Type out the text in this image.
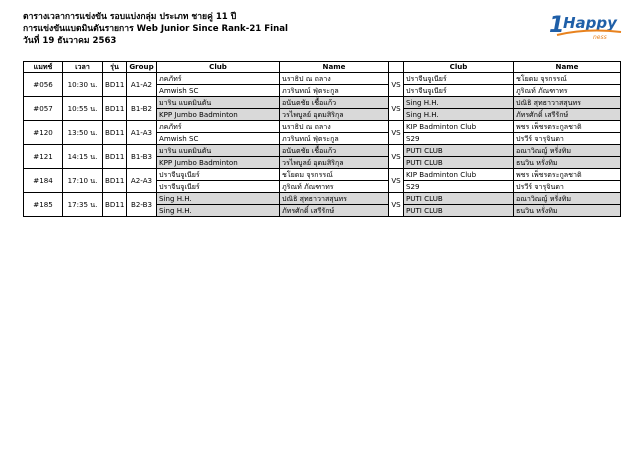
ตารางเวลาการแข่งขัน รอบแบ่งกลุ่ม ประเภท ชายคู่ 11 ปี
การแข่งขันแบดมินตันรายการ Web Junior Since Rank-21 Final
วันที่ 19 ธันวาคม 2563
1
Happy
ness
แมทช์	เวลา	รุ่น	Group	Club	Name		Club	Name
#056	10:30 น.	BD11	A1-A2	ภคภัทร์	นราธิป ณ ถลาง	VS	ปราจีนจูเนียร์	ชโยดม จุรกรรณ์
				Amwish SC	ภวรินทณ์ ฟุ่ตระกูล		ปราจีนจูเนียร์	ภูริณท์ ภัณฑาทร
#057	10:55 น.	BD11	B1-B2	มาริน แบดมินตัน	อนันตชัย เชื้อแก้ว	VS	Sing H.H.	ปณิธิ สุทธาวาสสุนทร
				KPP Jumbo Badminton	วรไพบูลย์ อุดมสิริกุล		Sing H.H.	ภัทรศักดิ์ เสรีรักษ์
#120	13:50 น.	BD11	A1-A3	ภคภัทร์	นราธิป ณ ถลาง	VS	KIP Badminton Club	พชร เพ็ชรตระกูลชาติ
				Amwish SC	ภวรินทณ์ ฟุ่ตระกูล		S29	ปรวีร์ จารุจินดา
#121	14:15 น.	BD11	B1-B3	มาริน แบดมินตัน	อนันตชัย เชื้อแก้ว	VS	PUTI CLUB	อณาวิณญ์ หรั่งทิม
				KPP Jumbo Badminton	วรไพบูลย์ อุดมสิริกุล		PUTI CLUB	ธนวิน หรั่งทิม
#184	17:10 น.	BD11	A2-A3	ปราจีนจูเนียร์	ชโยดม จุรกรรณ์	VS	KIP Badminton Club	พชร เพ็ชรตระกูลชาติ
				ปราจีนจูเนียร์	ภูริณท์ ภัณฑาทร		S29	ปรวีร์ จารุจินดา
#185	17:35 น.	BD11	B2-B3	Sing H.H.	ปณิธิ สุทธาวาสสุนทร	VS	PUTI CLUB	อณาวิณญ์ หรั่งทิม
				Sing H.H.	ภัทรศักดิ์ เสรีรักษ์		PUTI CLUB	ธนวิน หรั่งทิม
